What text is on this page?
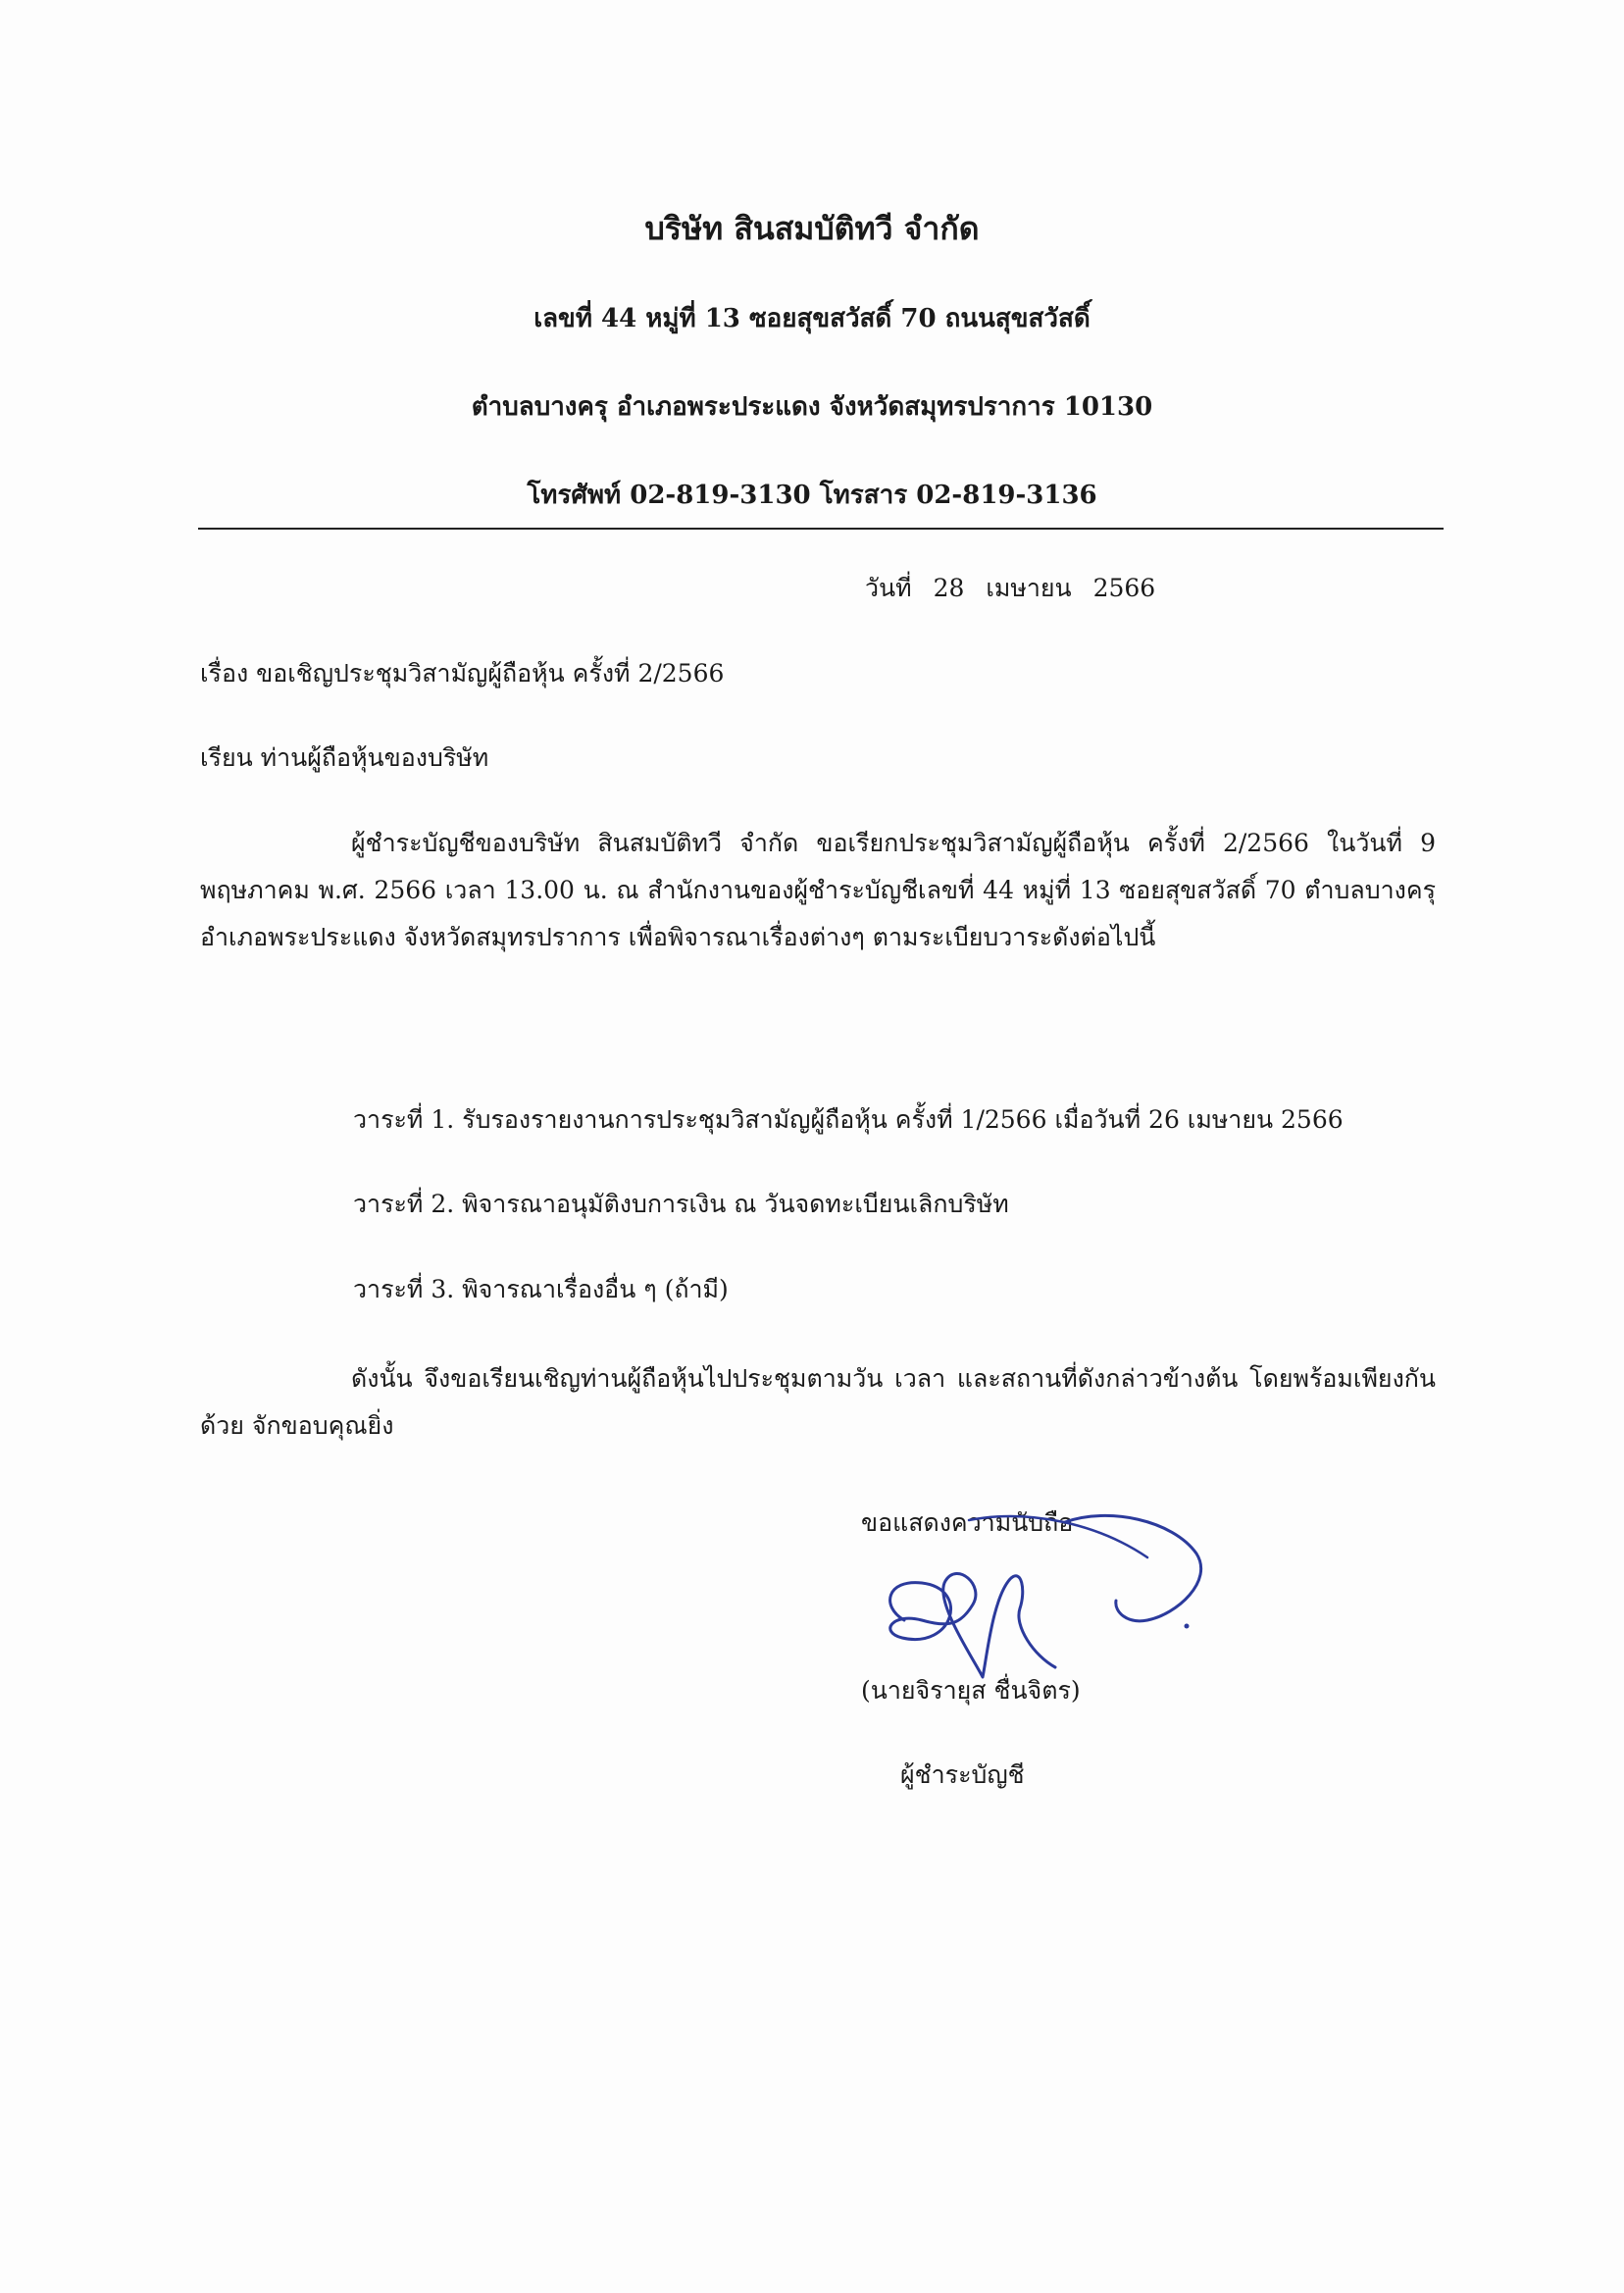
บริษัท สินสมบัติทวี จำกัด
เลขที่ 44 หมู่ที่ 13 ซอยสุขสวัสดิ์ 70 ถนนสุขสวัสดิ์
ตำบลบางครุ อำเภอพระประแดง จังหวัดสมุทรปราการ 10130
โทรศัพท์ 02-819-3130 โทรสาร 02-819-3136
วันที่ 28 เมษายน 2566
เรื่อง ขอเชิญประชุมวิสามัญผู้ถือหุ้น ครั้งที่ 2/2566
เรียน ท่านผู้ถือหุ้นของบริษัท
ผู้ชำระบัญชีของบริษัท สินสมบัติทวี จำกัด ขอเรียกประชุมวิสามัญผู้ถือหุ้น ครั้งที่ 2/2566 ในวันที่ 9 พฤษภาคม พ.ศ. 2566 เวลา 13.00 น. ณ สำนักงานของผู้ชำระบัญชีเลขที่ 44 หมู่ที่ 13 ซอยสุขสวัสดิ์ 70 ตำบลบางครุ อำเภอพระประแดง จังหวัดสมุทรปราการ เพื่อพิจารณาเรื่องต่างๆ ตามระเบียบวาระดังต่อไปนี้
วาระที่ 1. รับรองรายงานการประชุมวิสามัญผู้ถือหุ้น ครั้งที่ 1/2566 เมื่อวันที่ 26 เมษายน 2566
วาระที่ 2. พิจารณาอนุมัติงบการเงิน ณ วันจดทะเบียนเลิกบริษัท
วาระที่ 3. พิจารณาเรื่องอื่น ๆ (ถ้ามี)
ดังนั้น จึงขอเรียนเชิญท่านผู้ถือหุ้นไปประชุมตามวัน เวลา และสถานที่ดังกล่าวข้างต้น โดยพร้อมเพียงกันด้วย จักขอบคุณยิ่ง
ขอแสดงความนับถือ
(นายจิรายุส ชื่นจิตร)
ผู้ชำระบัญชี
